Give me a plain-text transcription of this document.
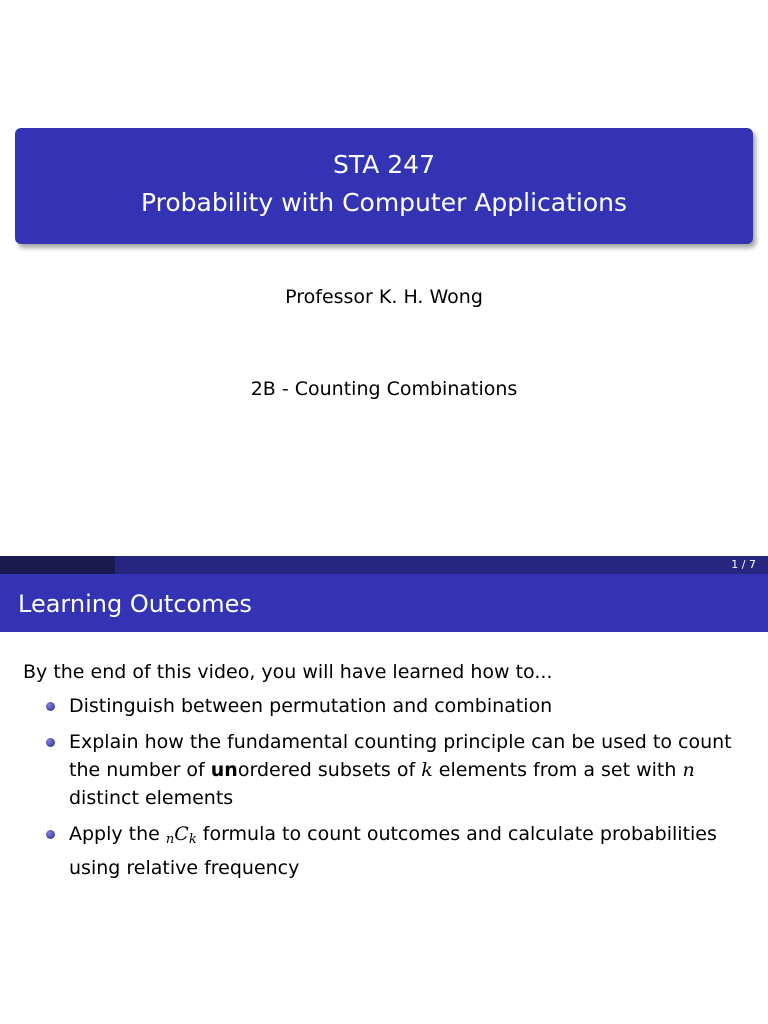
STA 247
Probability with Computer Applications
Professor K. H. Wong
2B - Counting Combinations
1 / 7
Learning Outcomes
By the end of this video, you will have learned how to...
Distinguish between permutation and combination
Explain how the fundamental counting principle can be used to count the number of unordered subsets of k elements from a set with n distinct elements
Apply the nCk formula to count outcomes and calculate probabilities using relative frequency
